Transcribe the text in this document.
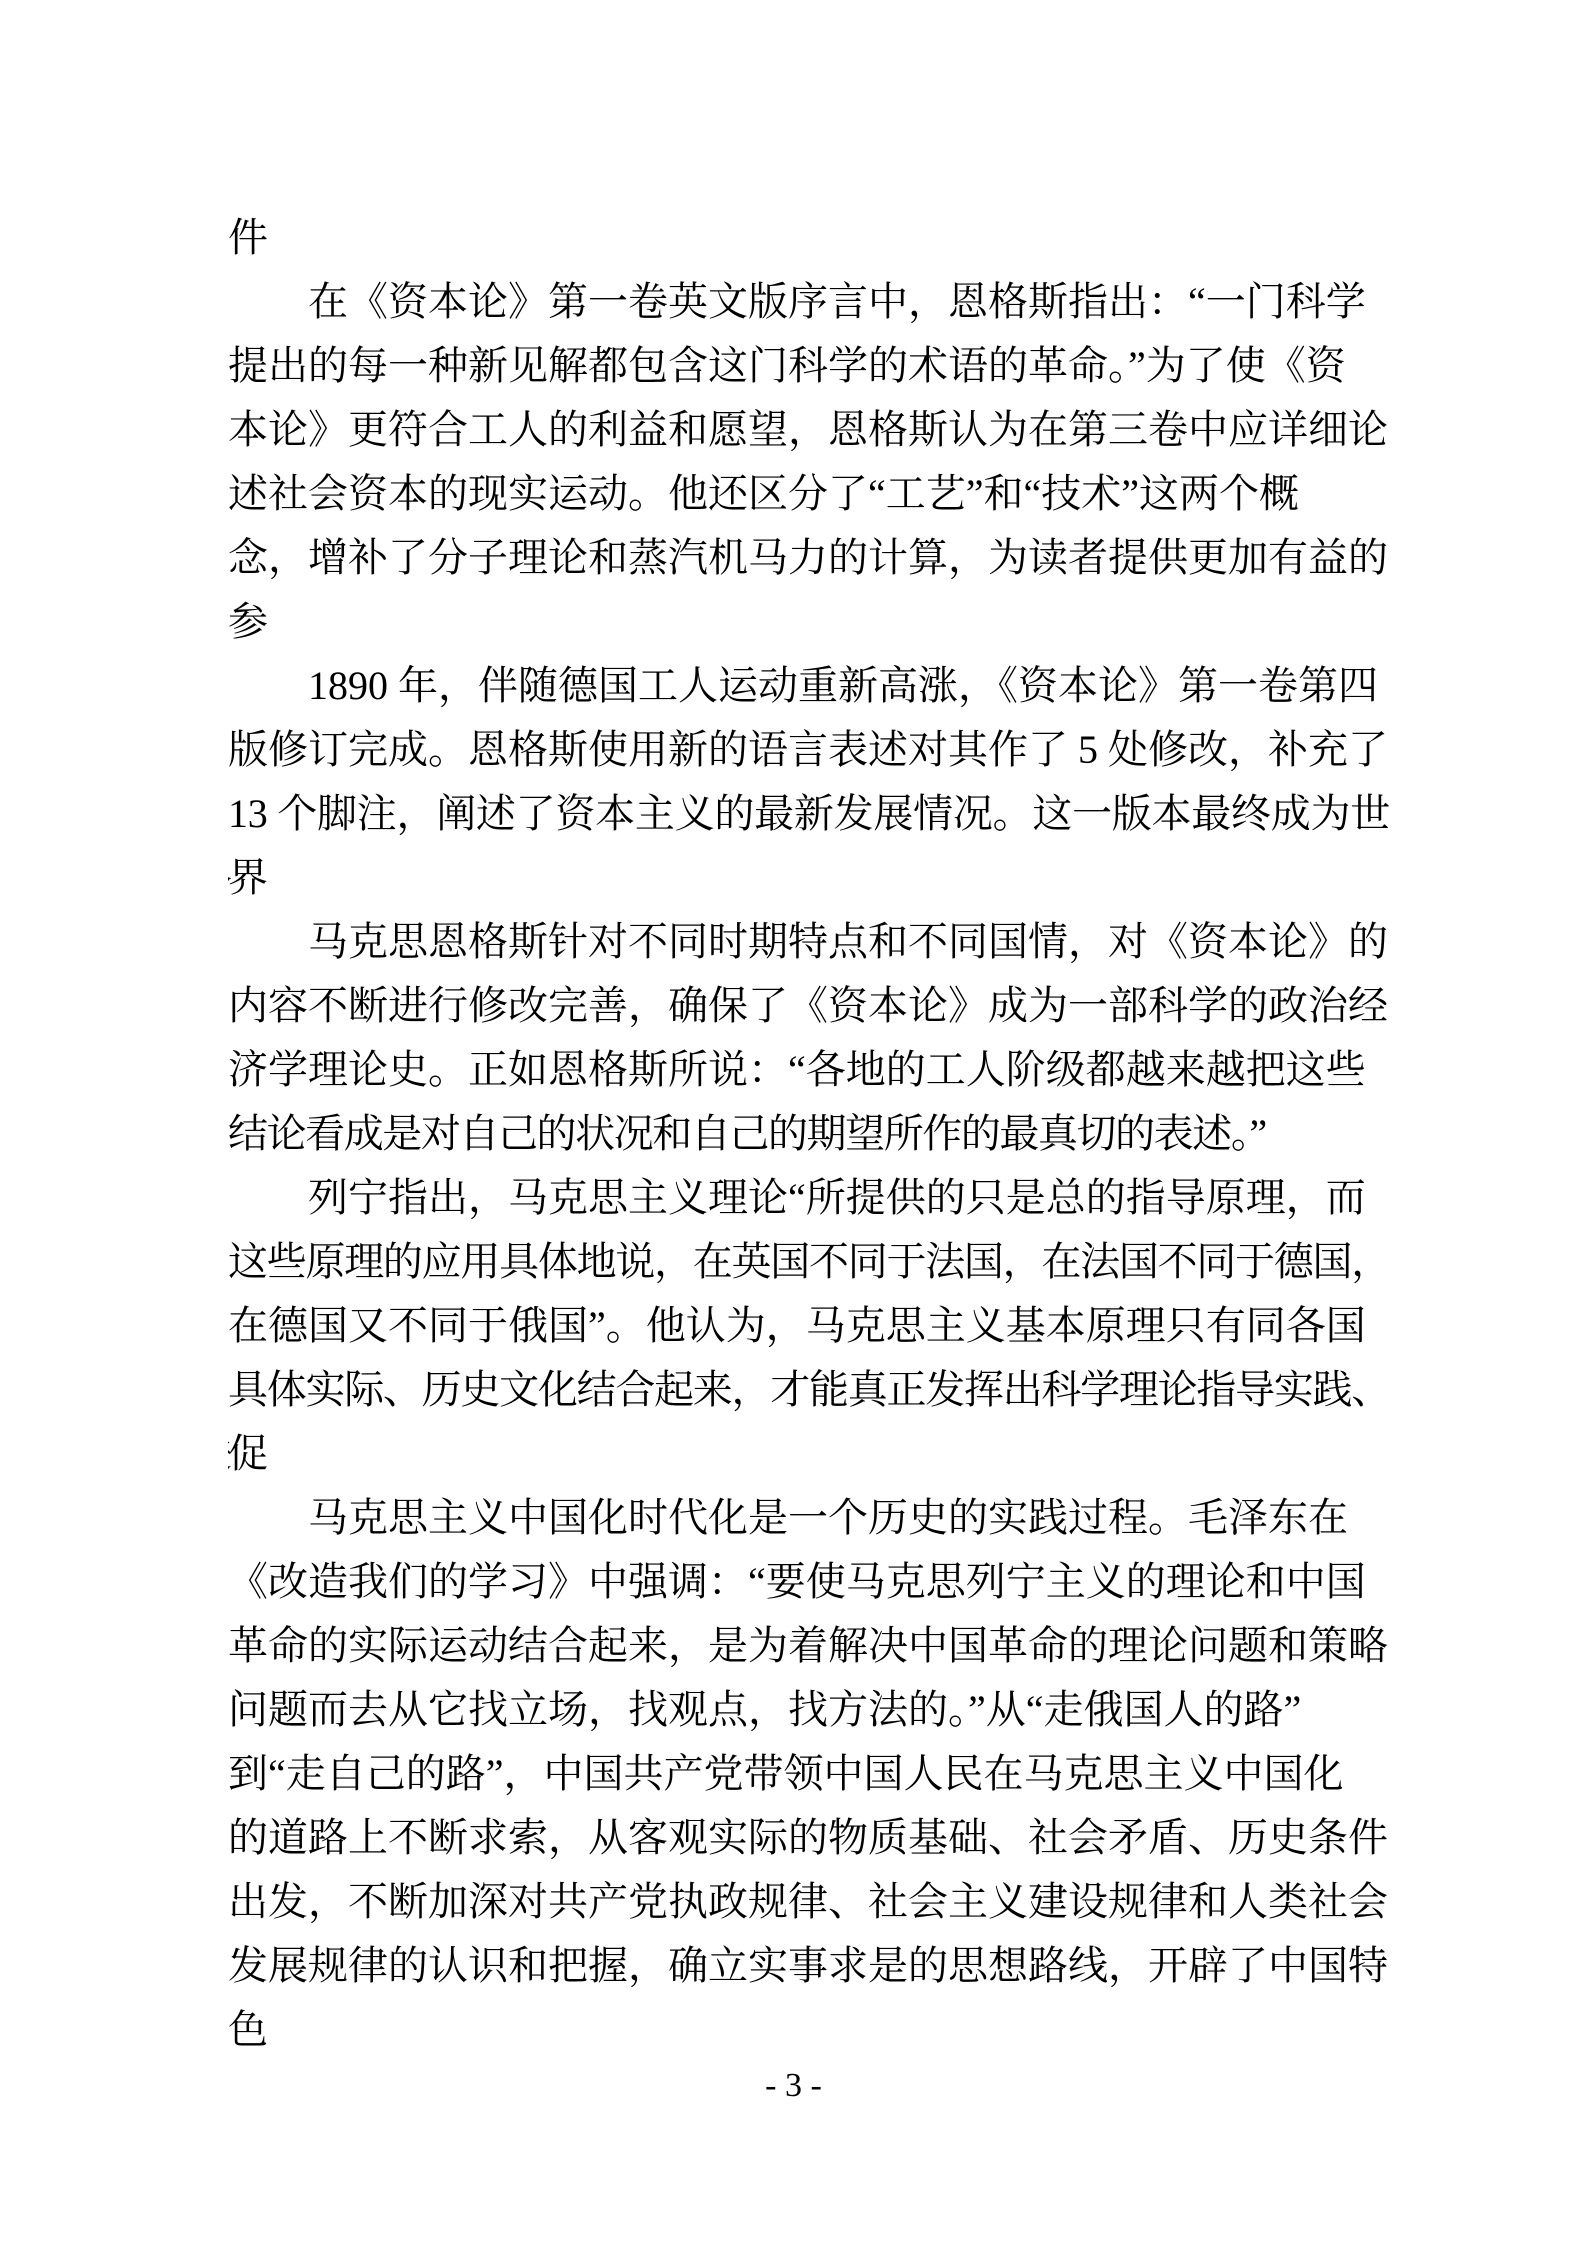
在《资本论》第一卷英文版序言中，恩格斯指出：“一门科学
提出的每一种新见解都包含这门科学的术语的革命。”为了使《资
本论》更符合工人的利益和愿望，恩格斯认为在第三卷中应详细论
述社会资本的现实运动。他还区分了“工艺”和“技术”这两个概
念，增补了分子理论和蒸汽机马力的计算，为读者提供更加有益的
1890 年，伴随德国工人运动重新高涨，《资本论》第一卷第四
版修订完成。恩格斯使用新的语言表述对其作了 5 处修改，补充了
13 个脚注，阐述了资本主义的最新发展情况。这一版本最终成为世
马克思恩格斯针对不同时期特点和不同国情，对《资本论》的
内容不断进行修改完善，确保了《资本论》成为一部科学的政治经
济学理论史。正如恩格斯所说：“各地的工人阶级都越来越把这些
结论看成是对自己的状况和自己的期望所作的最真切的表述。”
列宁指出，马克思主义理论“所提供的只是总的指导原理，而
这些原理的应用具体地说，在英国不同于法国，在法国不同于德国，
在德国又不同于俄国”。他认为，马克思主义基本原理只有同各国
具体实际、历史文化结合起来，才能真正发挥出科学理论指导实践、
马克思主义中国化时代化是一个历史的实践过程。毛泽东在
《改造我们的学习》中强调：“要使马克思列宁主义的理论和中国
革命的实际运动结合起来，是为着解决中国革命的理论问题和策略
问题而去从它找立场，找观点，找方法的。”从“走俄国人的路”
到“走自己的路”，中国共产党带领中国人民在马克思主义中国化
的道路上不断求索，从客观实际的物质基础、社会矛盾、历史条件
出发，不断加深对共产党执政规律、社会主义建设规律和人类社会
发展规律的认识和把握，确立实事求是的思想路线，开辟了中国特
- 3 -
